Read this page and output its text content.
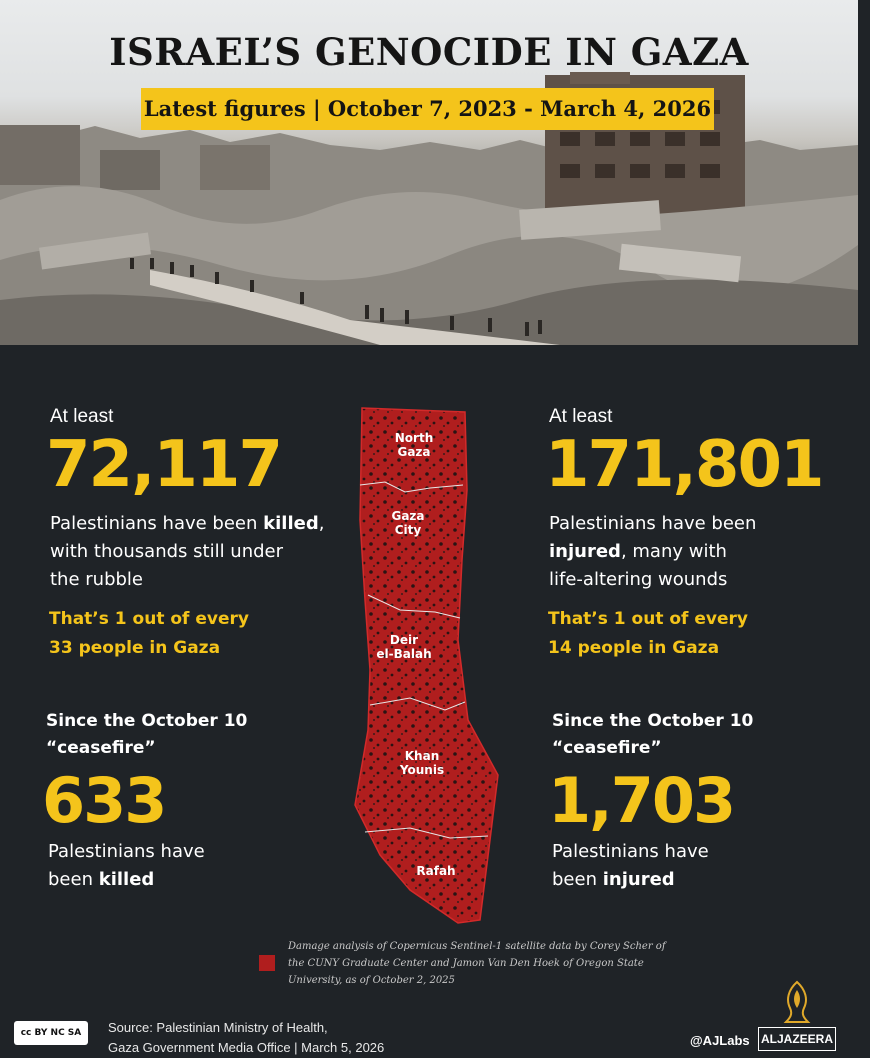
ISRAEL’S GENOCIDE IN GAZA
Latest figures | October 7, 2023 - March 4, 2026
At least
72,117
Palestinians have been killed,
with thousands still under
the rubble
That’s 1 out of every
33 people in Gaza
Since the October 10
“ceasefire”
633
Palestinians have
been killed
At least
171,801
Palestinians have been
injured, many with
life-altering wounds
That’s 1 out of every
14 people in Gaza
Since the October 10
“ceasefire”
1,703
Palestinians have
been injured
North Gaza
Gaza City
Deir el-Balah
Khan Younis
Rafah
Damage analysis of Copernicus Sentinel-1 satellite data by Corey Scher of the CUNY Graduate Center and Jamon Van Den Hoek of Oregon State University, as of October 2, 2025
cc BY NC SA Source: Palestinian Ministry of Health,
Gaza Government Media Office | March 5, 2026	@AJLabs ALJAZEERA
